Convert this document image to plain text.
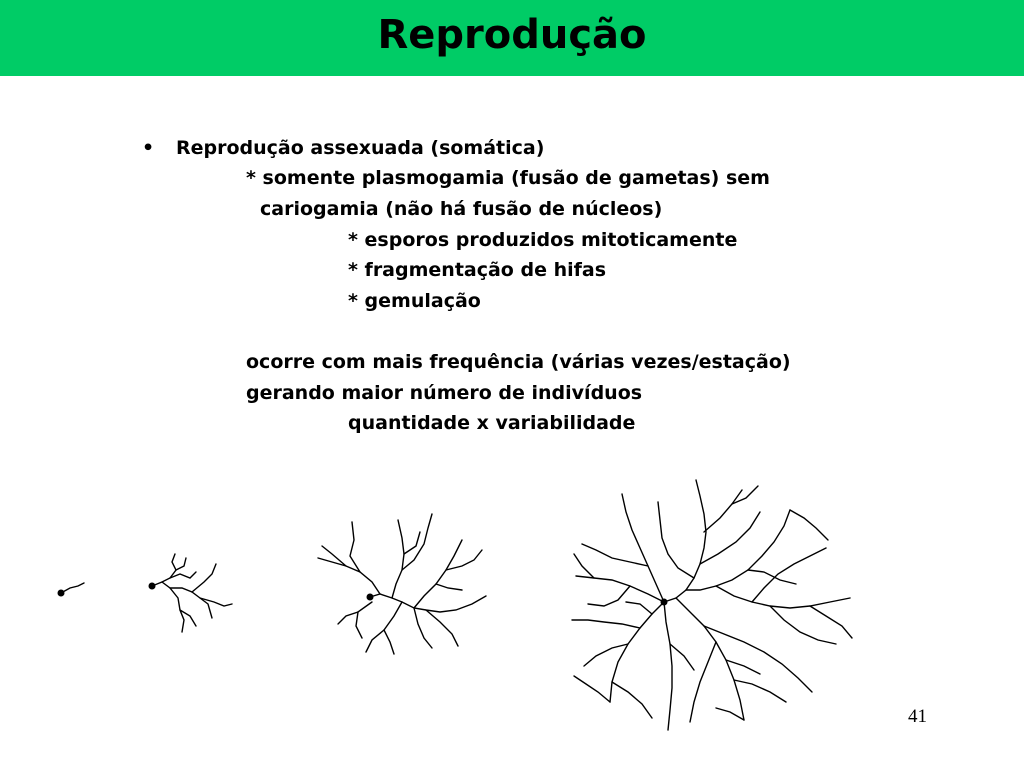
Reprodução
• Reprodução assexuada (somática)
* somente plasmogamia (fusão de gametas) sem
cariogamia (não há fusão de núcleos)
* esporos produzidos mitoticamente
* fragmentação de hifas
* gemulação
ocorre com mais frequência (várias vezes/estação)
gerando maior número de indivíduos
quantidade x variabilidade
41
